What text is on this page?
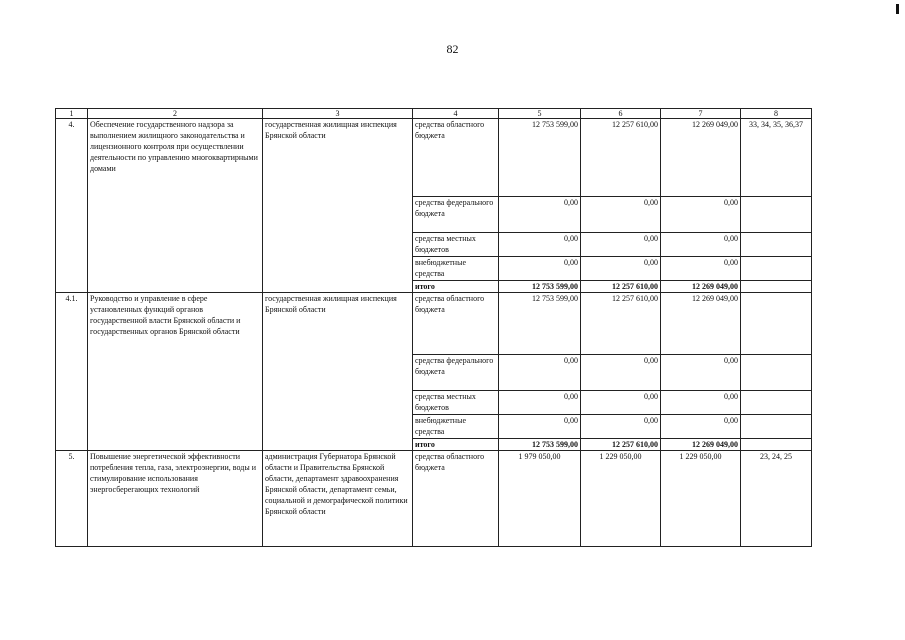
82
1	2	3	4	5	6	7	8
4.	Обеспечение государственного надзора за выполнением жилищного законодательства и лицензионного контроля при осуществлении деятельности по управлению многоквартирными домами	государственная жилищная инспекция Брянской области	средства областного бюджета	12 753 599,00	12 257 610,00	12 269 049,00	33, 34, 35, 36,37
			средства федерального бюджета	0,00	0,00	0,00	
			средства местных бюджетов	0,00	0,00	0,00	
			внебюджетные средства	0,00	0,00	0,00	
			итого	12 753 599,00	12 257 610,00	12 269 049,00	
4.1.	Руководство и управление в сфере установленных функций органов государственной власти Брянской области и государственных органов Брянской области	государственная жилищная инспекция Брянской области	средства областного бюджета	12 753 599,00	12 257 610,00	12 269 049,00	
			средства федерального бюджета	0,00	0,00	0,00	
			средства местных бюджетов	0,00	0,00	0,00	
			внебюджетные средства	0,00	0,00	0,00	
			итого	12 753 599,00	12 257 610,00	12 269 049,00	
5.	Повышение энергетической эффективности потребления тепла, газа, электроэнергии, воды и стимулирование использования энергосберегающих технологий	администрация Губернатора Брянской области и Правительства Брянской области, департамент здравоохранения Брянской области, департамент семьи, социальной и демографической политики Брянской области	средства областного бюджета	1 979 050,00	1 229 050,00	1 229 050,00	23, 24, 25
